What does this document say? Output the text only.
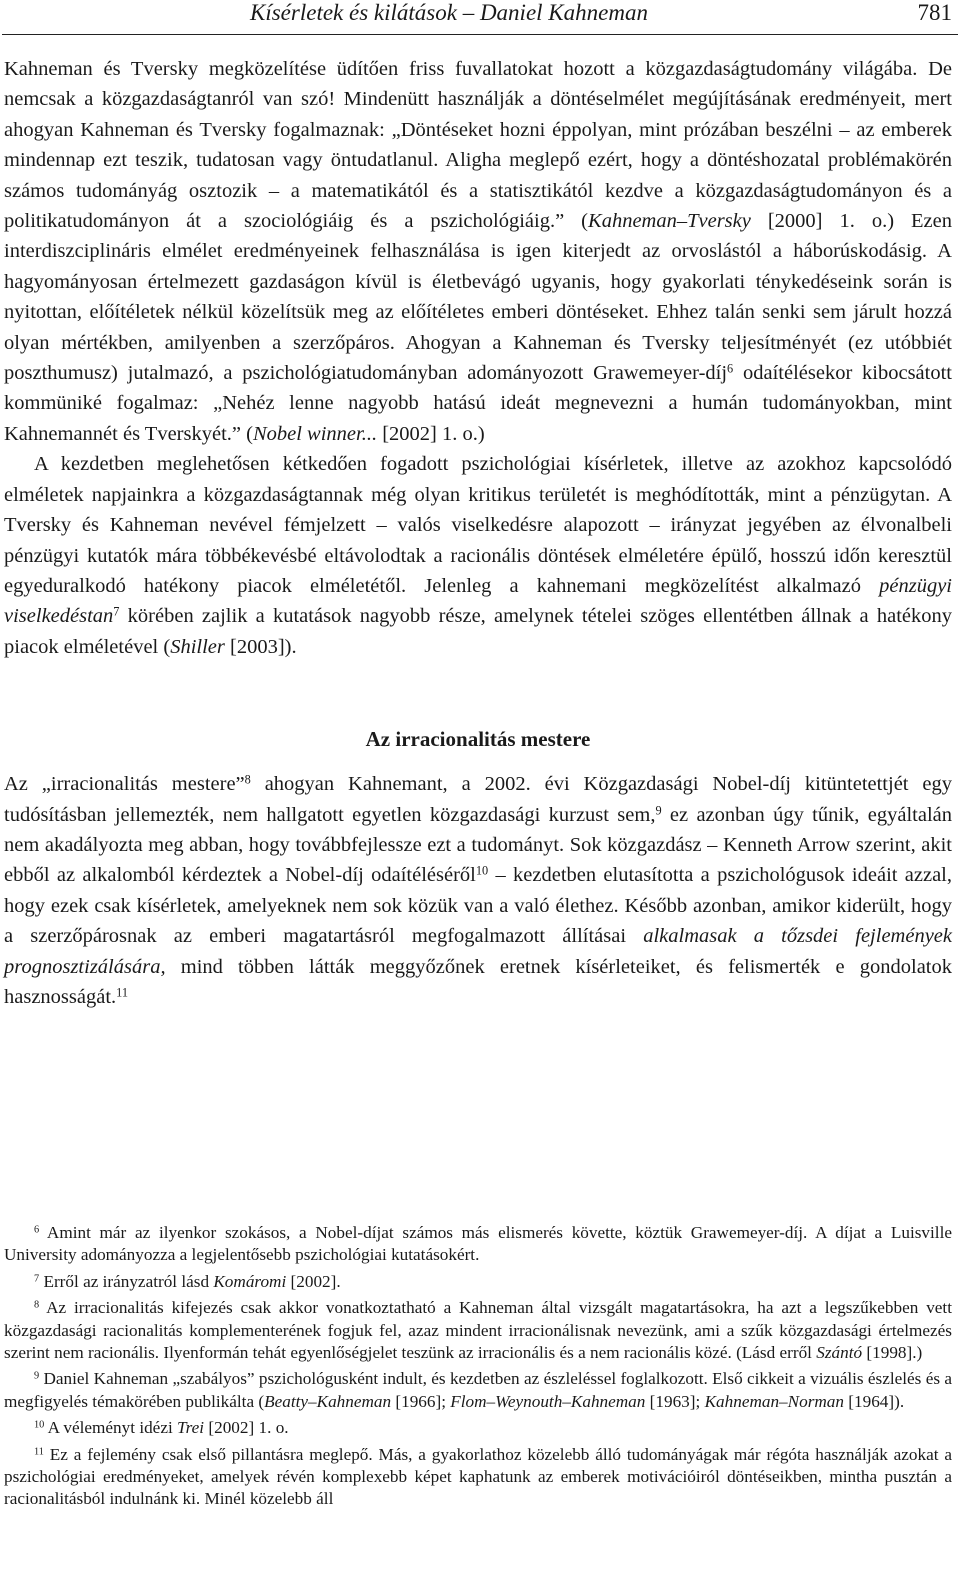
Kísérletek és kilátások – Daniel Kahneman	781

Kahneman és Tversky megközelítése üdítően friss fuvallatokat hozott a közgazdaságtudomány világába. De nemcsak a közgazdaságtanról van szó! Mindenütt használják a döntéselmélet megújításának eredményeit, mert ahogyan Kahneman és Tversky fogalmaznak: „Döntéseket hozni éppolyan, mint prózában beszélni – az emberek mindennap ezt teszik, tudatosan vagy öntudatlanul. Aligha meglepő ezért, hogy a döntéshozatal problémakörén számos tudományág osztozik – a matematikától és a statisztikától kezdve a közgazdaságtudományon és a politikatudományon át a szociológiáig és a pszichológiáig.” (Kahneman–Tversky [2000] 1. o.) Ezen interdiszciplináris elmélet eredményeinek felhasználása is igen kiterjedt az orvoslástól a háborúskodásig. A hagyományosan értelmezett gazdaságon kívül is életbevágó ugyanis, hogy gyakorlati ténykedéseink során is nyitottan, előítéletek nélkül közelítsük meg az előítéletes emberi döntéseket. Ehhez talán senki sem járult hozzá olyan mértékben, amilyenben a szerzőpáros. Ahogyan a Kahneman és Tversky teljesítményét (ez utóbbiét poszthumusz) jutalmazó, a pszichológiatudományban adományozott Grawemeyer-díj$^6$ odaítélésekor kibocsátott kommüniké fogalmaz: „Nehéz lenne nagyobb hatású ideát megnevezni a humán tudományokban, mint Kahnemannét és Tverskyét.” (Nobel winner... [2002] 1. o.)

A kezdetben meglehetősen kétkedően fogadott pszichológiai kísérletek, illetve az azokhoz kapcsolódó elméletek napjainkra a közgazdaságtannak még olyan kritikus területét is meghódították, mint a pénzügytan. A Tversky és Kahneman nevével fémjelzett – valós viselkedésre alapozott – irányzat jegyében az élvonalbeli pénzügyi kutatók mára többékevésbé eltávolodtak a racionális döntések elméletére épülő, hosszú időn keresztül egyeduralkodó hatékony piacok elméletétől. Jelenleg a kahnemani megközelítést alkalmazó pénzügyi viselkedéstan$^7$ körében zajlik a kutatások nagyobb része, amelynek tételei szöges ellentétben állnak a hatékony piacok elméletével (Shiller [2003]).

Az irracionalitás mestere

Az „irracionalitás mestere”$^8$ ahogyan Kahnemant, a 2002. évi Közgazdasági Nobel-díj kitüntetettjét egy tudósításban jellemezték, nem hallgatott egyetlen közgazdasági kurzust sem,$^9$ ez azonban úgy tűnik, egyáltalán nem akadályozta meg abban, hogy továbbfejlessze ezt a tudományt. Sok közgazdász – Kenneth Arrow szerint, akit ebből az alkalomból kérdeztek a Nobel-díj odaítéléséről$^{10}$ – kezdetben elutasította a pszichológusok ideáit azzal, hogy ezek csak kísérletek, amelyeknek nem sok közük van a való élethez. Később azonban, amikor kiderült, hogy a szerzőpárosnak az emberi magatartásról megfogalmazott állításai alkalmasak a tőzsdei fejlemények prognosztizálására, mind többen látták meggyőzőnek eretnek kísérleteiket, és felismerték e gondolatok hasznosságát.$^{11}$

$^6$ Amint már az ilyenkor szokásos, a Nobel-díjat számos más elismerés követte, köztük Grawemeyer-díj. A díjat a Luisville University adományozza a legjelentősebb pszichológiai kutatásokért.

$^7$ Erről az irányzatról lásd Komáromi [2002].

$^8$ Az irracionalitás kifejezés csak akkor vonatkoztatható a Kahneman által vizsgált magatartásokra, ha azt a legszűkebben vett közgazdasági racionalitás komplementerének fogjuk fel, azaz mindent irracionálisnak nevezünk, ami a szűk közgazdasági értelmezés szerint nem racionális. Ilyenformán tehát egyenlőségjelet teszünk az irracionális és a nem racionális közé. (Lásd erről Szántó [1998].)

$^9$ Daniel Kahneman „szabályos” pszichológusként indult, és kezdetben az észleléssel foglalkozott. Első cikkeit a vizuális észlelés és a megfigyelés témakörében publikálta (Beatty–Kahneman [1966]; Flom–Weynouth–Kahneman [1963]; Kahneman–Norman [1964]).

$^{10}$ A véleményt idézi Trei [2002] 1. o.

$^{11}$ Ez a fejlemény csak első pillantásra meglepő. Más, a gyakorlathoz közelebb álló tudományágak már régóta használják azokat a pszichológiai eredményeket, amelyek révén komplexebb képet kaphatunk az emberek motivációiról döntéseikben, mintha pusztán a racionalitásból indulnánk ki. Minél közelebb áll
